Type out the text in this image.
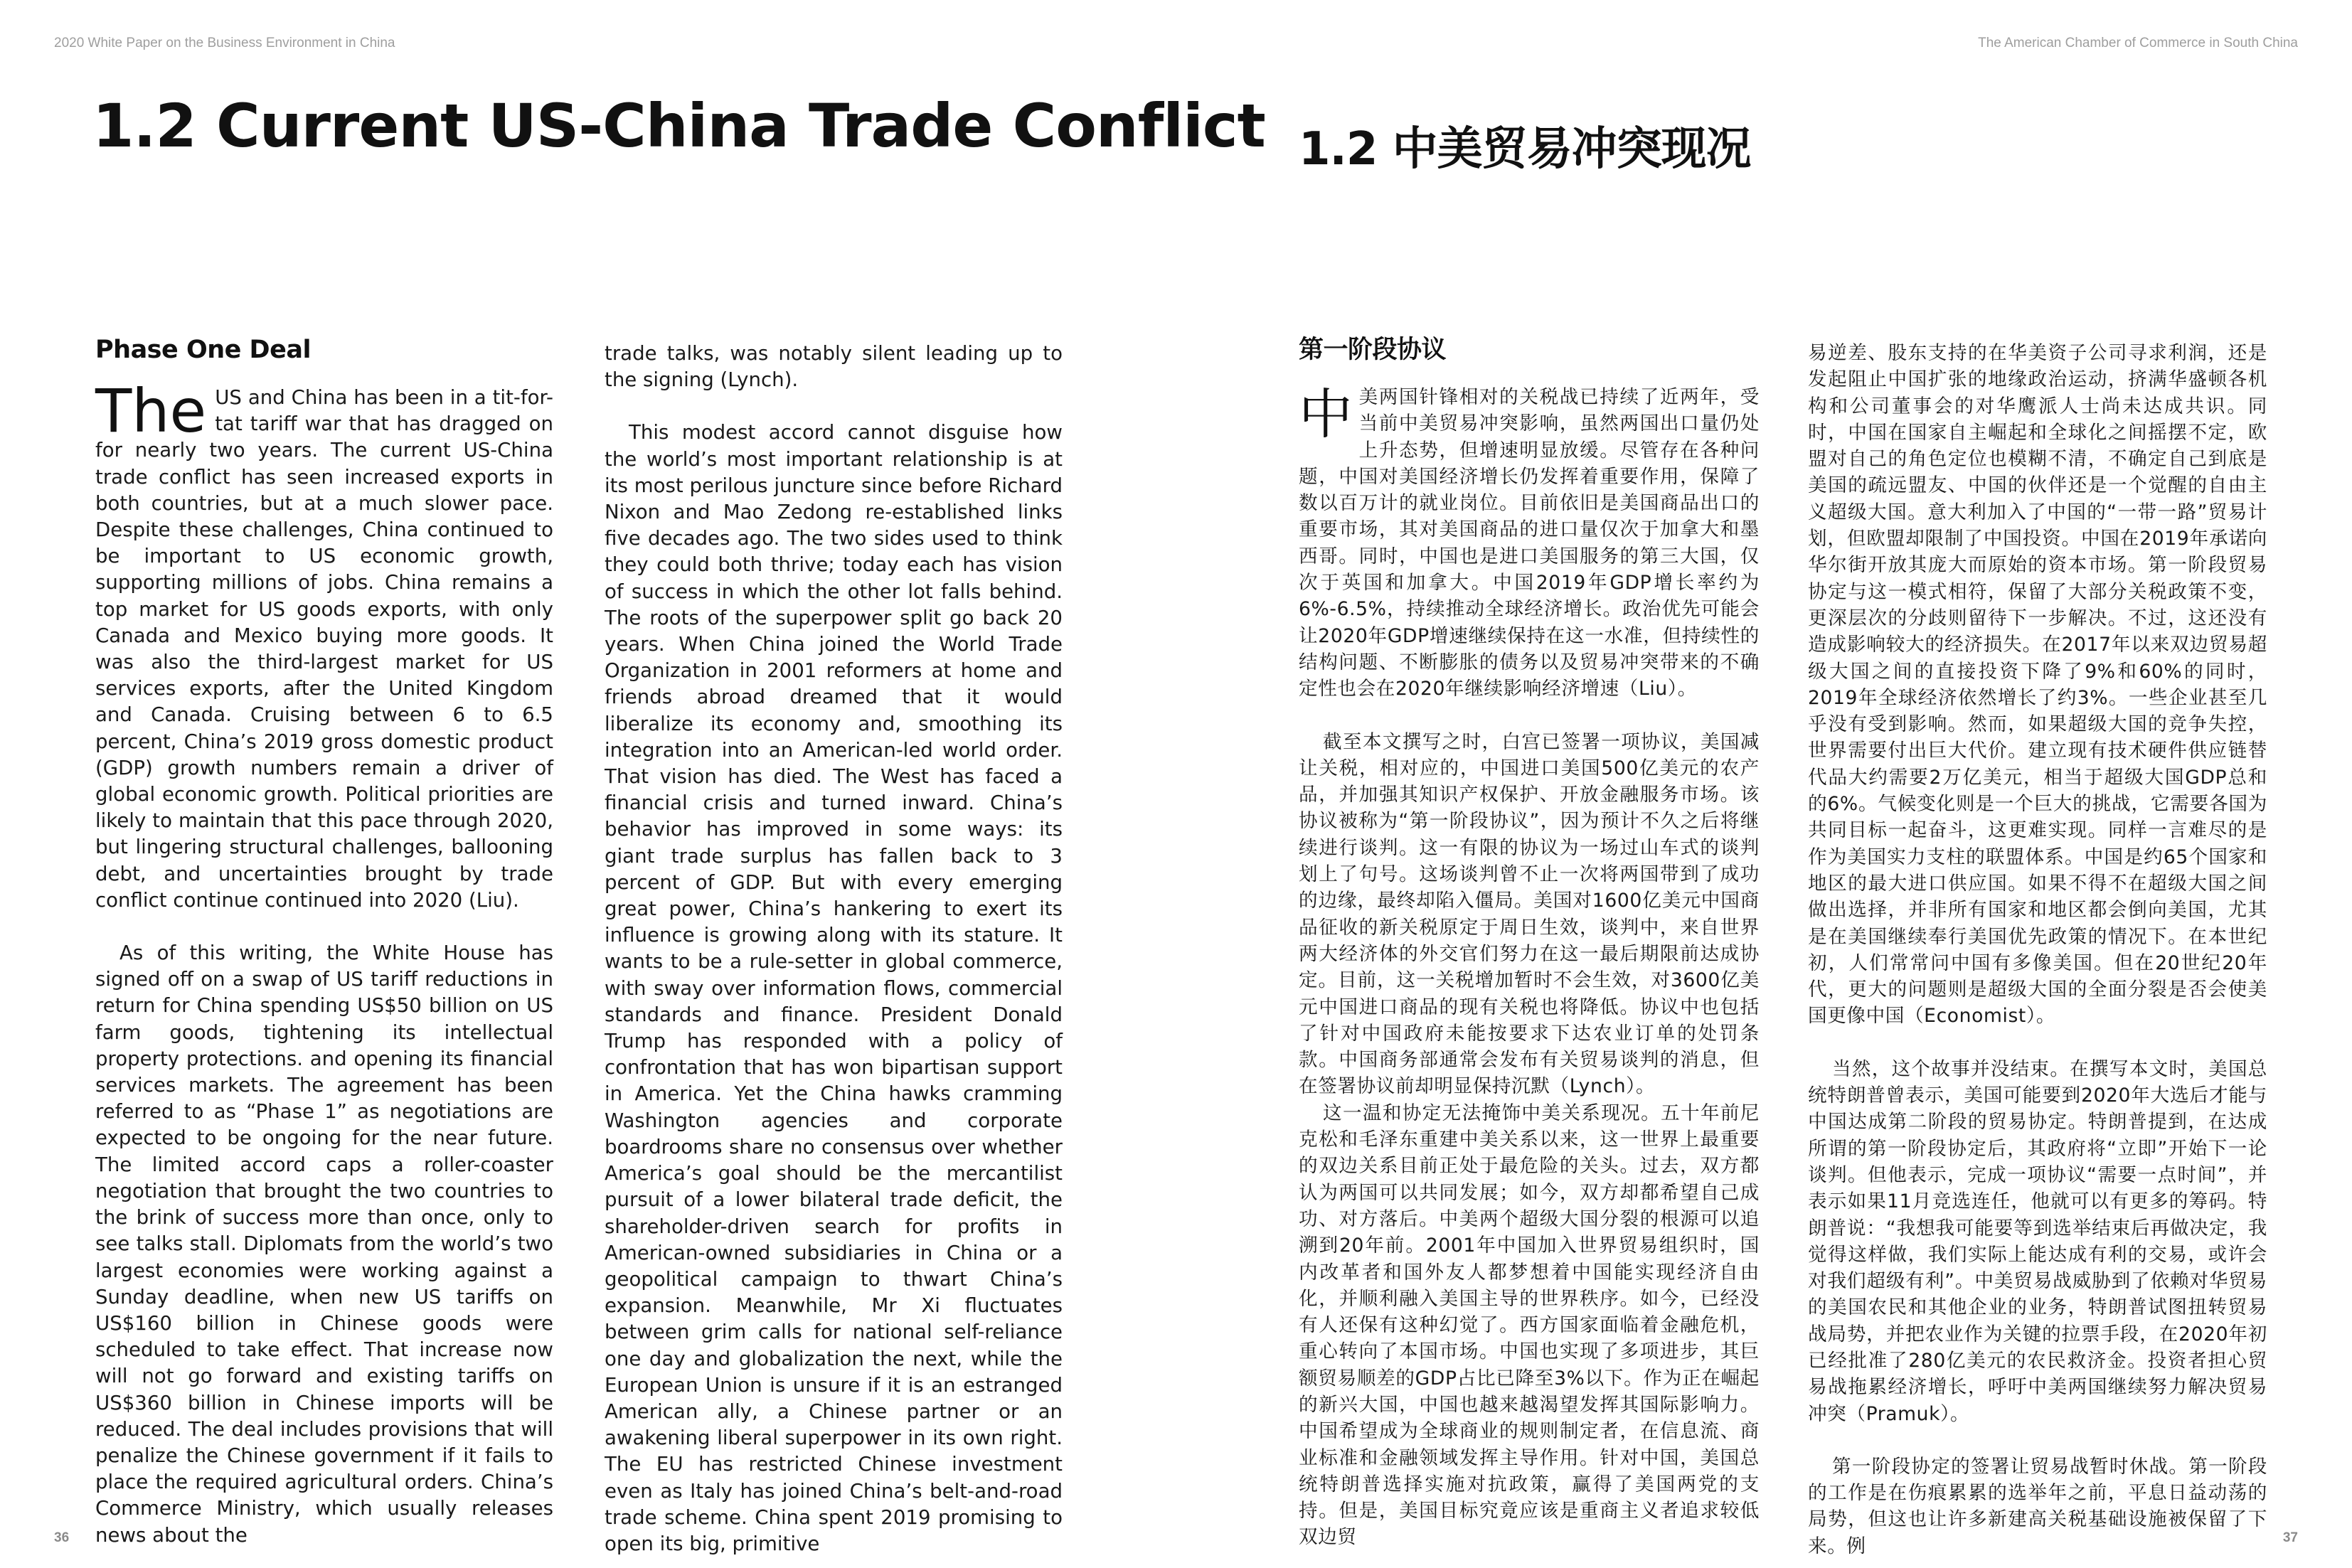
2020 White Paper on the Business Environment in China	The American Chamber of Commerce in South China
1.2 Current US-China Trade Conflict 1.2 中美贸易冲突现况
Phase One Deal

The US and China has been in a tit-for-tat tariff war that has dragged on for nearly two years. The current US-China trade conflict has seen increased exports in both countries, but at a much slower pace. Despite these challenges, China continued to be important to US economic growth, supporting millions of jobs. China remains a top market for US goods exports, with only Canada and Mexico buying more goods. It was also the third-largest market for US services exports, after the United Kingdom and Canada. Cruising between 6 to 6.5 percent, China’s 2019 gross domestic product (GDP) growth numbers remain a driver of global economic growth. Political priorities are likely to maintain that this pace through 2020, but lingering structural challenges, ballooning debt, and uncertainties brought by trade conflict continue continued into 2020 (Liu).

As of this writing, the White House has signed off on a swap of US tariff reductions in return for China spending US$50 billion on US farm goods, tightening its intellectual property protections. and opening its financial services markets. The agreement has been referred to as “Phase 1” as negotiations are expected to be ongoing for the near future. The limited accord caps a roller-coaster negotiation that brought the two countries to the brink of success more than once, only to see talks stall. Diplomats from the world’s two largest economies were working against a Sunday deadline, when new US tariffs on US$160 billion in Chinese goods were scheduled to take effect. That increase now will not go forward and existing tariffs on US$360 billion in Chinese imports will be reduced. The deal includes provisions that will penalize the Chinese government if it fails to place the required agricultural orders. China’s Commerce Ministry, which usually releases news about the

trade talks, was notably silent leading up to the signing (Lynch).

This modest accord cannot disguise how the world’s most important relationship is at its most perilous juncture since before Richard Nixon and Mao Zedong re-established links five decades ago. The two sides used to think they could both thrive; today each has vision of success in which the other lot falls behind. The roots of the superpower split go back 20 years. When China joined the World Trade Organization in 2001 reformers at home and friends abroad dreamed that it would liberalize its economy and, smoothing its integration into an American-led world order. That vision has died. The West has faced a financial crisis and turned inward. China’s behavior has improved in some ways: its giant trade surplus has fallen back to 3 percent of GDP. But with every emerging great power, China’s hankering to exert its influence is growing along with its stature. It wants to be a rule-setter in global commerce, with sway over information flows, commercial standards and finance. President Donald Trump has responded with a policy of confrontation that has won bipartisan support in America. Yet the China hawks cramming Washington agencies and corporate boardrooms share no consensus over whether America’s goal should be the mercantilist pursuit of a lower bilateral trade deficit, the shareholder-driven search for profits in American-owned subsidiaries in China or a geopolitical campaign to thwart China’s expansion. Meanwhile, Mr Xi fluctuates between grim calls for national self-reliance one day and globalization the next, while the European Union is unsure if it is an estranged American ally, a Chinese partner or an awakening liberal superpower in its own right. The EU has restricted Chinese investment even as Italy has joined China’s belt-and-road trade scheme. China spent 2019 promising to open its big, primitive

第一阶段协议

中美两国针锋相对的关税战已持续了近两年，受当前中美贸易冲突影响，虽然两国出口量仍处上升态势，但增速明显放缓。尽管存在各种问题，中国对美国经济增长仍发挥着重要作用，保障了数以百万计的就业岗位。目前依旧是美国商品出口的重要市场，其对美国商品的进口量仅次于加拿大和墨西哥。同时，中国也是进口美国服务的第三大国，仅次于英国和加拿大。中国2019年GDP增长率约为6%-6.5%，持续推动全球经济增长。政治优先可能会让2020年GDP增速继续保持在这一水准，但持续性的结构问题、不断膨胀的债务以及贸易冲突带来的不确定性也会在2020年继续影响经济增速（Liu）。

截至本文撰写之时，白宫已签署一项协议，美国减让关税，相对应的，中国进口美国500亿美元的农产品，并加强其知识产权保护、开放金融服务市场。该协议被称为“第一阶段协议”，因为预计不久之后将继续进行谈判。这一有限的协议为一场过山车式的谈判划上了句号。这场谈判曾不止一次将两国带到了成功的边缘，最终却陷入僵局。美国对1600亿美元中国商品征收的新关税原定于周日生效，谈判中，来自世界两大经济体的外交官们努力在这一最后期限前达成协定。目前，这一关税增加暂时不会生效，对3600亿美元中国进口商品的现有关税也将降低。协议中也包括了针对中国政府未能按要求下达农业订单的处罚条款。中国商务部通常会发布有关贸易谈判的消息，但在签署协议前却明显保持沉默（Lynch）。

这一温和协定无法掩饰中美关系现况。五十年前尼克松和毛泽东重建中美关系以来，这一世界上最重要的双边关系目前正处于最危险的关头。过去，双方都认为两国可以共同发展；如今，双方却都希望自己成功、对方落后。中美两个超级大国分裂的根源可以追溯到20年前。2001年中国加入世界贸易组织时，国内改革者和国外友人都梦想着中国能实现经济自由化，并顺利融入美国主导的世界秩序。如今，已经没有人还保有这种幻觉了。西方国家面临着金融危机，重心转向了本国市场。中国也实现了多项进步，其巨额贸易顺差的GDP占比已降至3%以下。作为正在崛起的新兴大国，中国也越来越渴望发挥其国际影响力。中国希望成为全球商业的规则制定者，在信息流、商业标准和金融领域发挥主导作用。针对中国，美国总统特朗普选择实施对抗政策，赢得了美国两党的支持。但是，美国目标究竟应该是重商主义者追求较低双边贸

易逆差、股东支持的在华美资子公司寻求利润，还是发起阻止中国扩张的地缘政治运动，挤满华盛顿各机构和公司董事会的对华鹰派人士尚未达成共识。同时，中国在国家自主崛起和全球化之间摇摆不定，欧盟对自己的角色定位也模糊不清，不确定自己到底是美国的疏远盟友、中国的伙伴还是一个觉醒的自由主义超级大国。意大利加入了中国的“一带一路”贸易计划，但欧盟却限制了中国投资。中国在2019年承诺向华尔街开放其庞大而原始的资本市场。第一阶段贸易协定与这一模式相符，保留了大部分关税政策不变，更深层次的分歧则留待下一步解决。不过，这还没有造成影响较大的经济损失。在2017年以来双边贸易超级大国之间的直接投资下降了9%和60%的同时，2019年全球经济依然增长了约3%。一些企业甚至几乎没有受到影响。然而，如果超级大国的竞争失控，世界需要付出巨大代价。建立现有技术硬件供应链替代品大约需要2万亿美元，相当于超级大国GDP总和的6%。气候变化则是一个巨大的挑战，它需要各国为共同目标一起奋斗，这更难实现。同样一言难尽的是作为美国实力支柱的联盟体系。中国是约65个国家和地区的最大进口供应国。如果不得不在超级大国之间做出选择，并非所有国家和地区都会倒向美国，尤其是在美国继续奉行美国优先政策的情况下。在本世纪初，人们常常问中国有多像美国。但在20世纪20年代，更大的问题则是超级大国的全面分裂是否会使美国更像中国（Economist）。

当然，这个故事并没结束。在撰写本文时，美国总统特朗普曾表示，美国可能要到2020年大选后才能与中国达成第二阶段的贸易协定。特朗普提到，在达成所谓的第一阶段协定后，其政府将“立即”开始下一论谈判。但他表示，完成一项协议“需要一点时间”，并表示如果11月竞选连任，他就可以有更多的筹码。特朗普说：“我想我可能要等到选举结束后再做决定，我觉得这样做，我们实际上能达成有利的交易，或许会对我们超级有利”。中美贸易战威胁到了依赖对华贸易的美国农民和其他企业的业务，特朗普试图扭转贸易战局势，并把农业作为关键的拉票手段，在2020年初已经批准了280亿美元的农民救济金。投资者担心贸易战拖累经济增长，呼吁中美两国继续努力解决贸易冲突（Pramuk）。

第一阶段协定的签署让贸易战暂时休战。第一阶段的工作是在伤痕累累的选举年之前，平息日益动荡的局势，但这也让许多新建高关税基础设施被保留了下来。例

36	37
